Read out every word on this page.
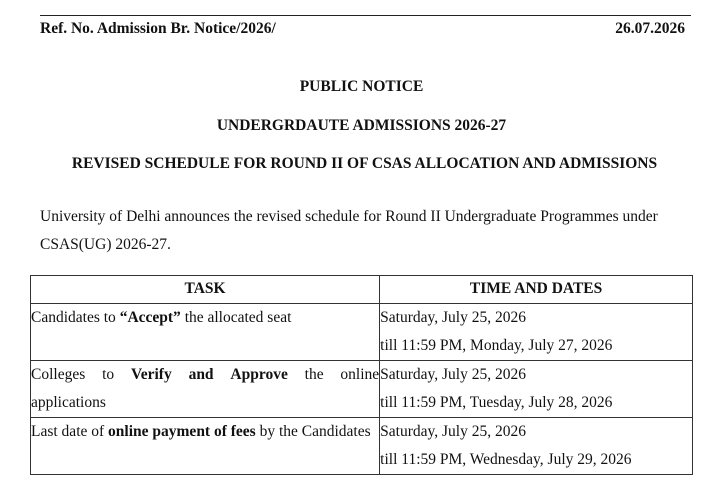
Ref. No. Admission Br. Notice/2026/	26.07.2026
PUBLIC NOTICE
UNDERGRDAUTE ADMISSIONS 2026-27
REVISED SCHEDULE FOR ROUND II OF CSAS ALLOCATION AND ADMISSIONS
University of Delhi announces the revised schedule for Round II Undergraduate Programmes under
CSAS(UG) 2026-27.
TASK	TIME AND DATES
Candidates to “Accept” the allocated seat	Saturday, July 25, 2026
till 11:59 PM, Monday, July 27, 2026
Colleges to Verify and Approve the online applications	Saturday, July 25, 2026
till 11:59 PM, Tuesday, July 28, 2026
Last date of online payment of fees by the Candidates	Saturday, July 25, 2026
till 11:59 PM, Wednesday, July 29, 2026
